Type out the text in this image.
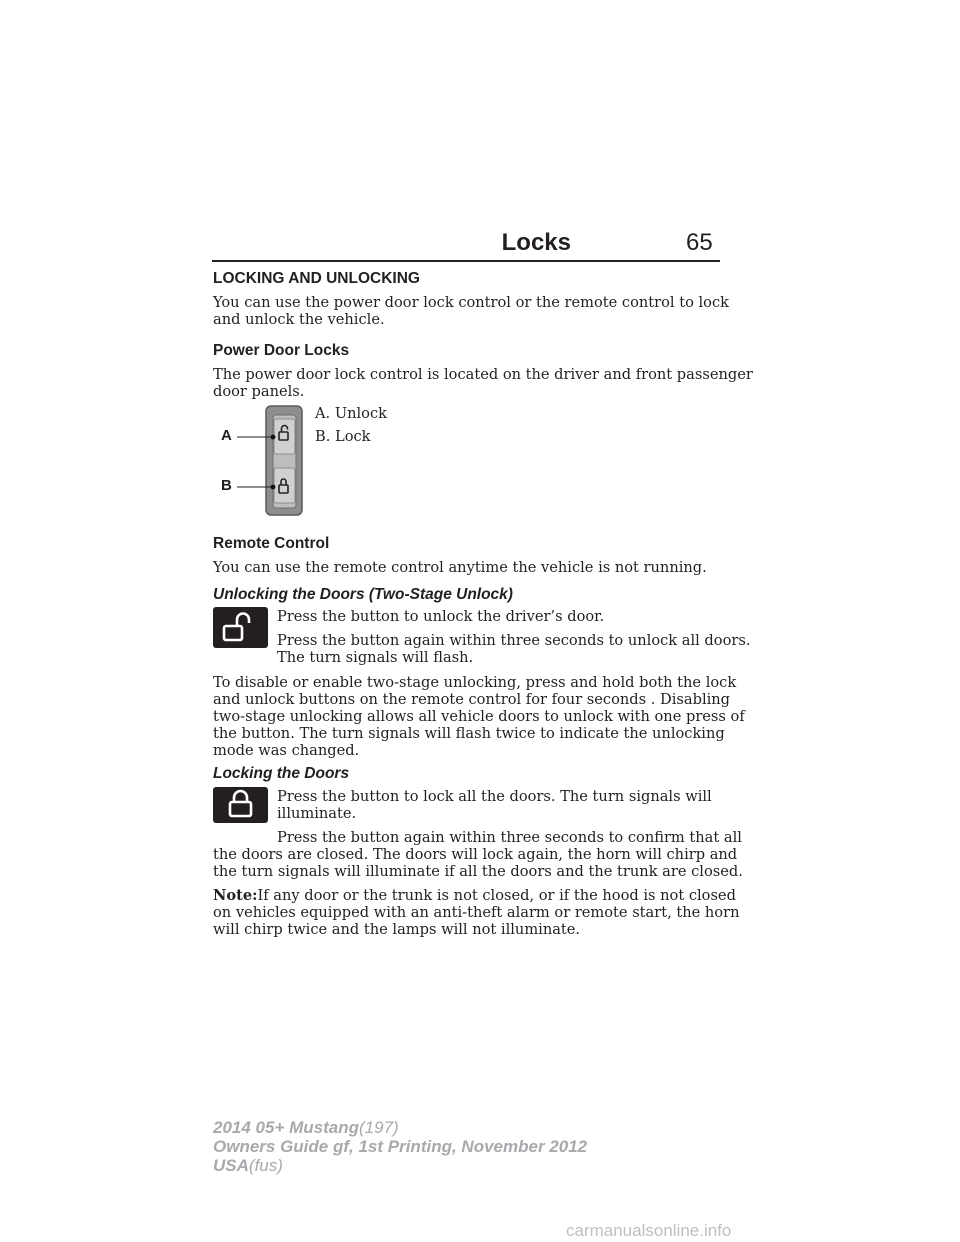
Locks	65
LOCKING AND UNLOCKING
You can use the power door lock control or the remote control to lock
and unlock the vehicle.
Power Door Locks
The power door lock control is located on the driver and front passenger
door panels.
A
B
A. Unlock
B. Lock
Remote Control
You can use the remote control anytime the vehicle is not running.
Unlocking the Doors (Two-Stage Unlock)
Press the button to unlock the driver’s door.
Press the button again within three seconds to unlock all doors.
The turn signals will flash.
To disable or enable two-stage unlocking, press and hold both the lock
and unlock buttons on the remote control for four seconds . Disabling
two-stage unlocking allows all vehicle doors to unlock with one press of
the button. The turn signals will flash twice to indicate the unlocking
mode was changed.
Locking the Doors
Press the button to lock all the doors. The turn signals will
illuminate.
Press the button again within three seconds to confirm that all
the doors are closed. The doors will lock again, the horn will chirp and
the turn signals will illuminate if all the doors and the trunk are closed.
Note:If any door or the trunk is not closed, or if the hood is not closed
on vehicles equipped with an anti-theft alarm or remote start, the horn
will chirp twice and the lamps will not illuminate.
2014 05+ Mustang(197)
Owners Guide gf, 1st Printing, November 2012
USA(fus)
carmanualsonline.info
